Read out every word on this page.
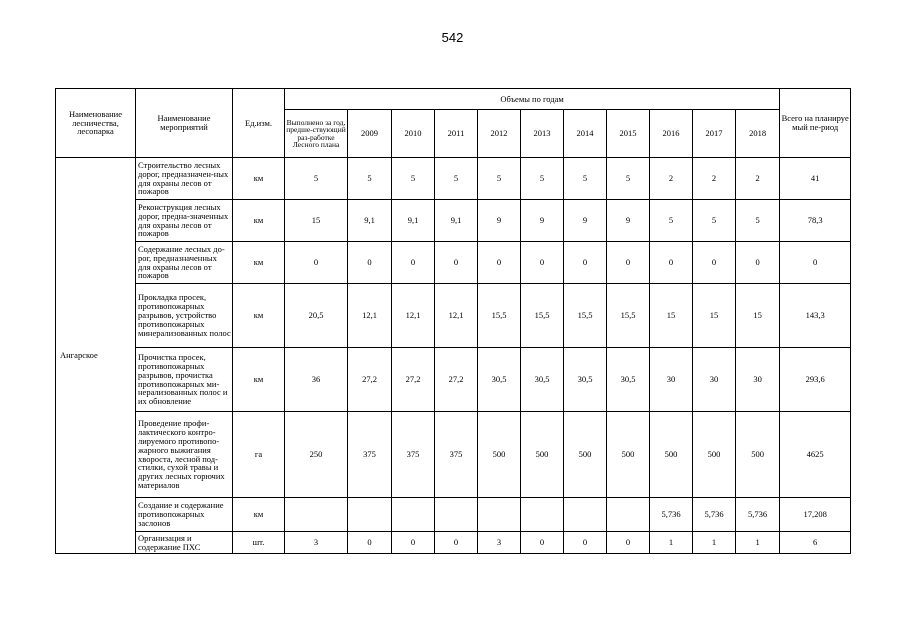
542
Наименование лесничества, лесопарка	Наименование мероприятий	Ед.изм.	Объемы по годам											Всего на планируе мый пе-риод
			Выполнено за год, предше-ствующий раз-работке Лесного плана	2009	2010	2011	2012	2013	2014	2015	2016	2017	2018	
Ангарское	Строительство лесных дорог, предназначен-ных для охраны лесов от пожаров	км	5	5	5	5	5	5	5	5	2	2	2	41
	Реконструкция лесных дорог, предна-значенных для охраны лесов от пожаров	км	15	9,1	9,1	9,1	9	9	9	9	5	5	5	78,3
	Содержание лесных до-рог, предназначенных для охраны лесов от пожаров	км	0	0	0	0	0	0	0	0	0	0	0	0
	Прокладка просек, противопожарных разрывов, устройство противопожарных минерализованных полос	км	20,5	12,1	12,1	12,1	15,5	15,5	15,5	15,5	15	15	15	143,3
	Прочистка просек, противопожарных разрывов, прочистка противопожарных ми-нерализованных полос и их обновление	км	36	27,2	27,2	27,2	30,5	30,5	30,5	30,5	30	30	30	293,6
	Проведение профи-лактического контро-лируемого противопо-жарного выжигания хвороста, лесной под-стилки, сухой травы и других лесных горючих материалов	га	250	375	375	375	500	500	500	500	500	500	500	4625
	Создание и содержание противопожарных заслонов	км									5,736	5,736	5,736	17,208
	Организация и содержание ПХС	шт.	3	0	0	0	3	0	0	0	1	1	1	6
